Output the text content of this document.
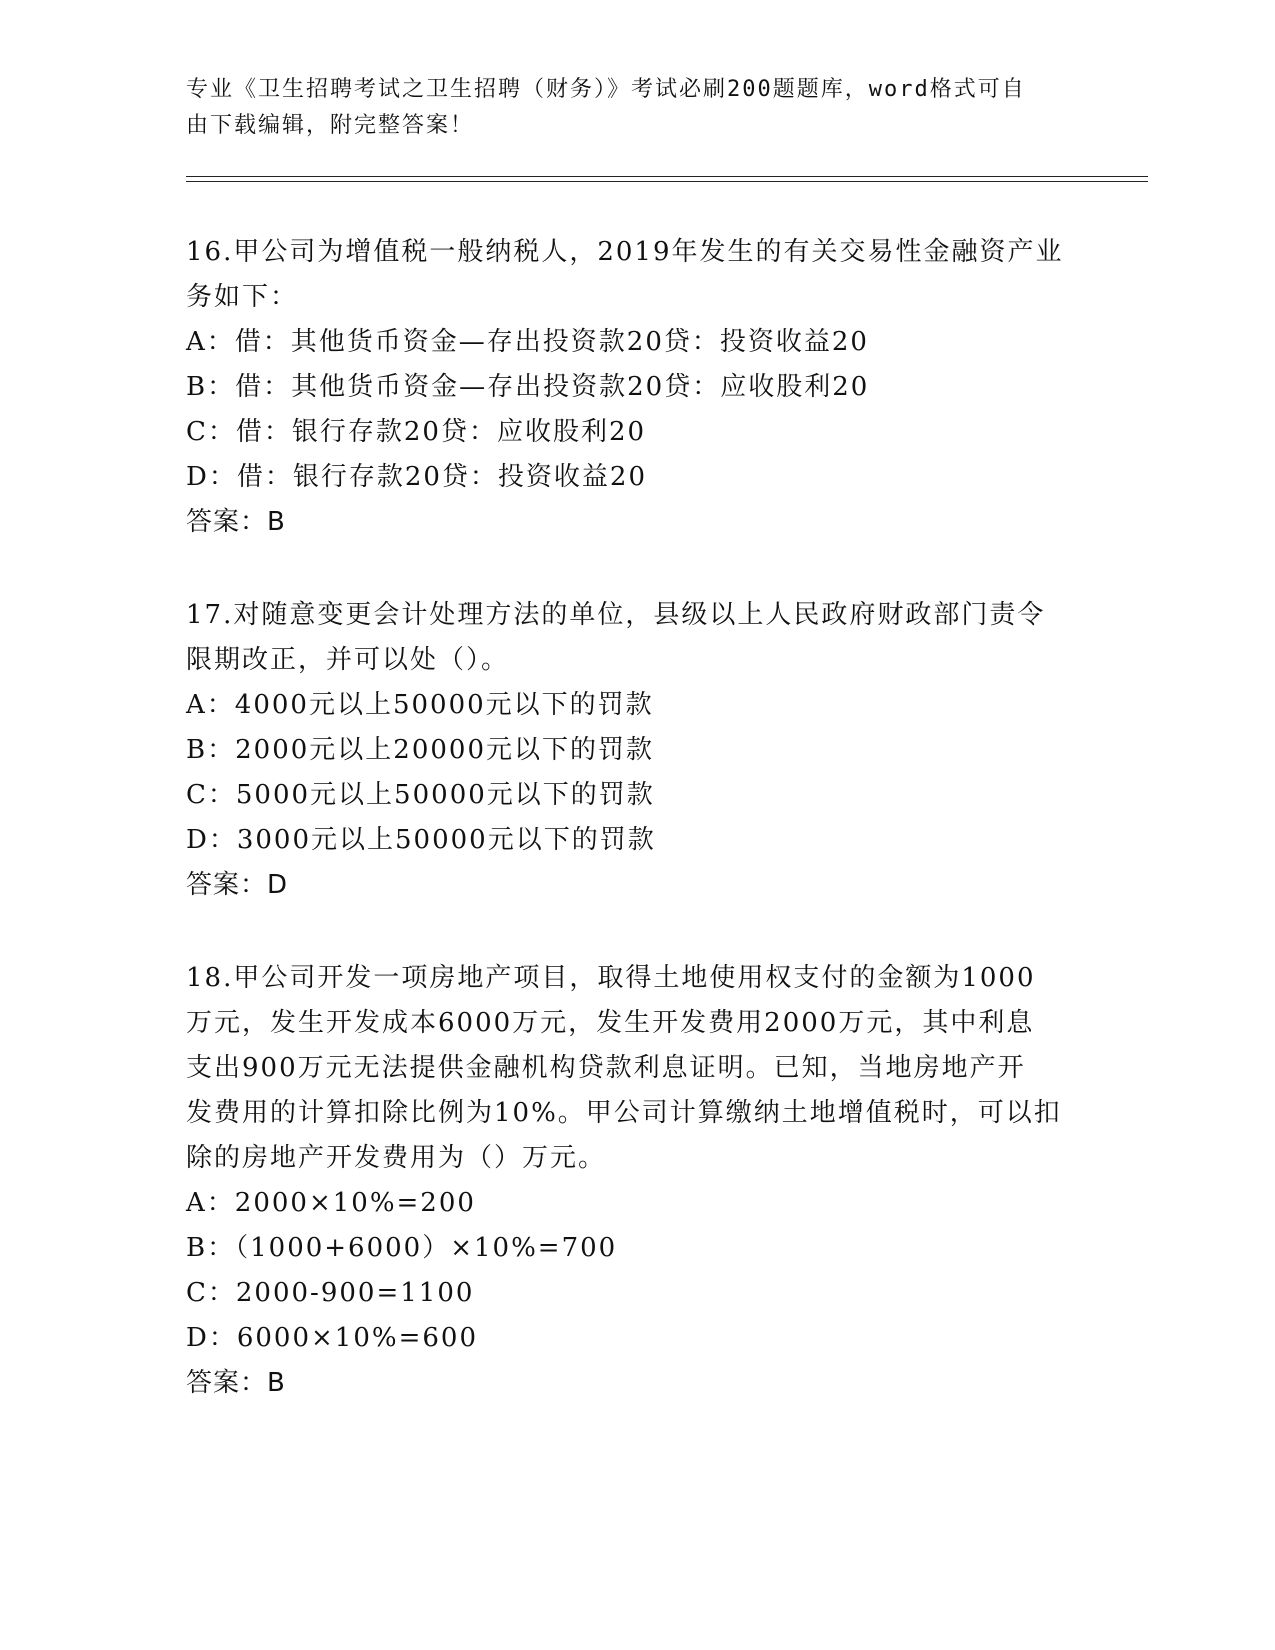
专业《卫生招聘考试之卫生招聘（财务）》考试必刷200题题库，word格式可自
由下载编辑，附完整答案！
16.甲公司为增值税一般纳税人，2019年发生的有关交易性金融资产业
务如下：
A：借：其他货币资金—存出投资款20贷：投资收益20
B：借：其他货币资金—存出投资款20贷：应收股利20
C：借：银行存款20贷：应收股利20
D：借：银行存款20贷：投资收益20
答案：B
17.对随意变更会计处理方法的单位，县级以上人民政府财政部门责令
限期改正，并可以处（）。
A：4000元以上50000元以下的罚款
B：2000元以上20000元以下的罚款
C：5000元以上50000元以下的罚款
D：3000元以上50000元以下的罚款
答案：D
18.甲公司开发一项房地产项目，取得土地使用权支付的金额为1000
万元，发生开发成本6000万元，发生开发费用2000万元，其中利息
支出900万元无法提供金融机构贷款利息证明。已知，当地房地产开
发费用的计算扣除比例为10%。甲公司计算缴纳土地增值税时，可以扣
除的房地产开发费用为（）万元。
A：2000×10%=200
B：（1000+6000）×10%=700
C：2000-900=1100
D：6000×10%=600
答案：B
